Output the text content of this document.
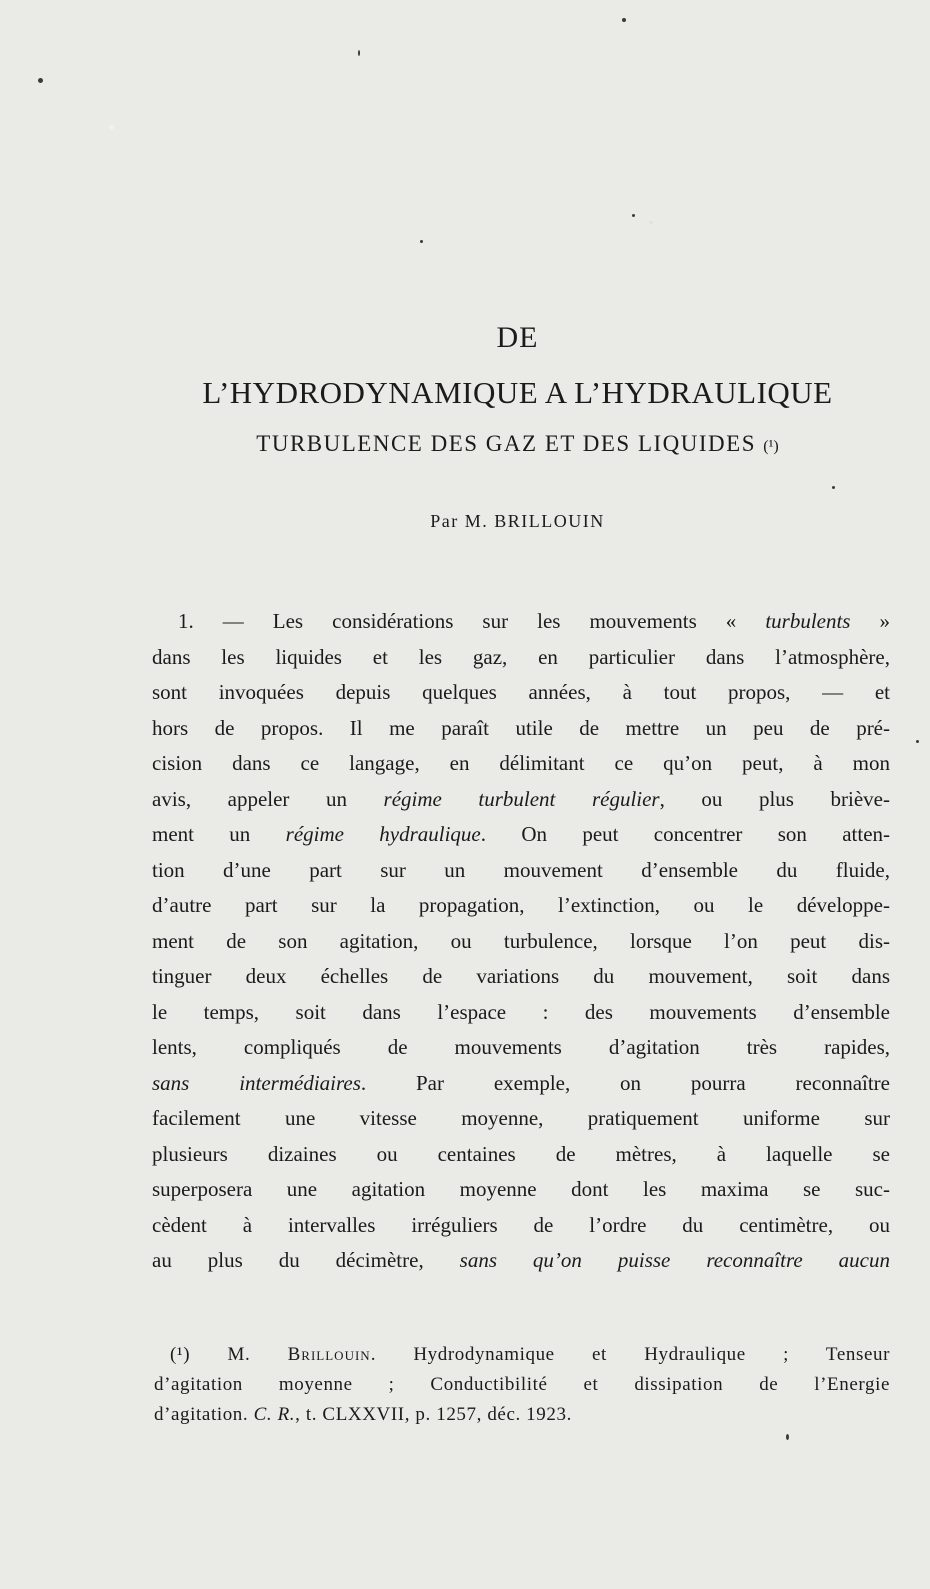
DE
L’HYDRODYNAMIQUE A L’HYDRAULIQUE
TURBULENCE DES GAZ ET DES LIQUIDES (¹)
Par M. BRILLOUIN
1. — Les considérations sur les mouvements « turbulents »
dans les liquides et les gaz, en particulier dans l’atmosphère,
sont invoquées depuis quelques années, à tout propos, — et
hors de propos. Il me paraît utile de mettre un peu de pré-
cision dans ce langage, en délimitant ce qu’on peut, à mon
avis, appeler un régime turbulent régulier, ou plus briève-
ment un régime hydraulique. On peut concentrer son atten-
tion d’une part sur un mouvement d’ensemble du fluide,
d’autre part sur la propagation, l’extinction, ou le développe-
ment de son agitation, ou turbulence, lorsque l’on peut dis-
tinguer deux échelles de variations du mouvement, soit dans
le temps, soit dans l’espace : des mouvements d’ensemble
lents, compliqués de mouvements d’agitation très rapides,
sans intermédiaires. Par exemple, on pourra reconnaître
facilement une vitesse moyenne, pratiquement uniforme sur
plusieurs dizaines ou centaines de mètres, à laquelle se
superposera une agitation moyenne dont les maxima se suc-
cèdent à intervalles irréguliers de l’ordre du centimètre, ou
au plus du décimètre, sans qu’on puisse reconnaître aucun
(¹) M. Brillouin. Hydrodynamique et Hydraulique ; Tenseur
d’agitation moyenne ; Conductibilité et dissipation de l’Energie
d’agitation. C. R., t. CLXXVII, p. 1257, déc. 1923.
